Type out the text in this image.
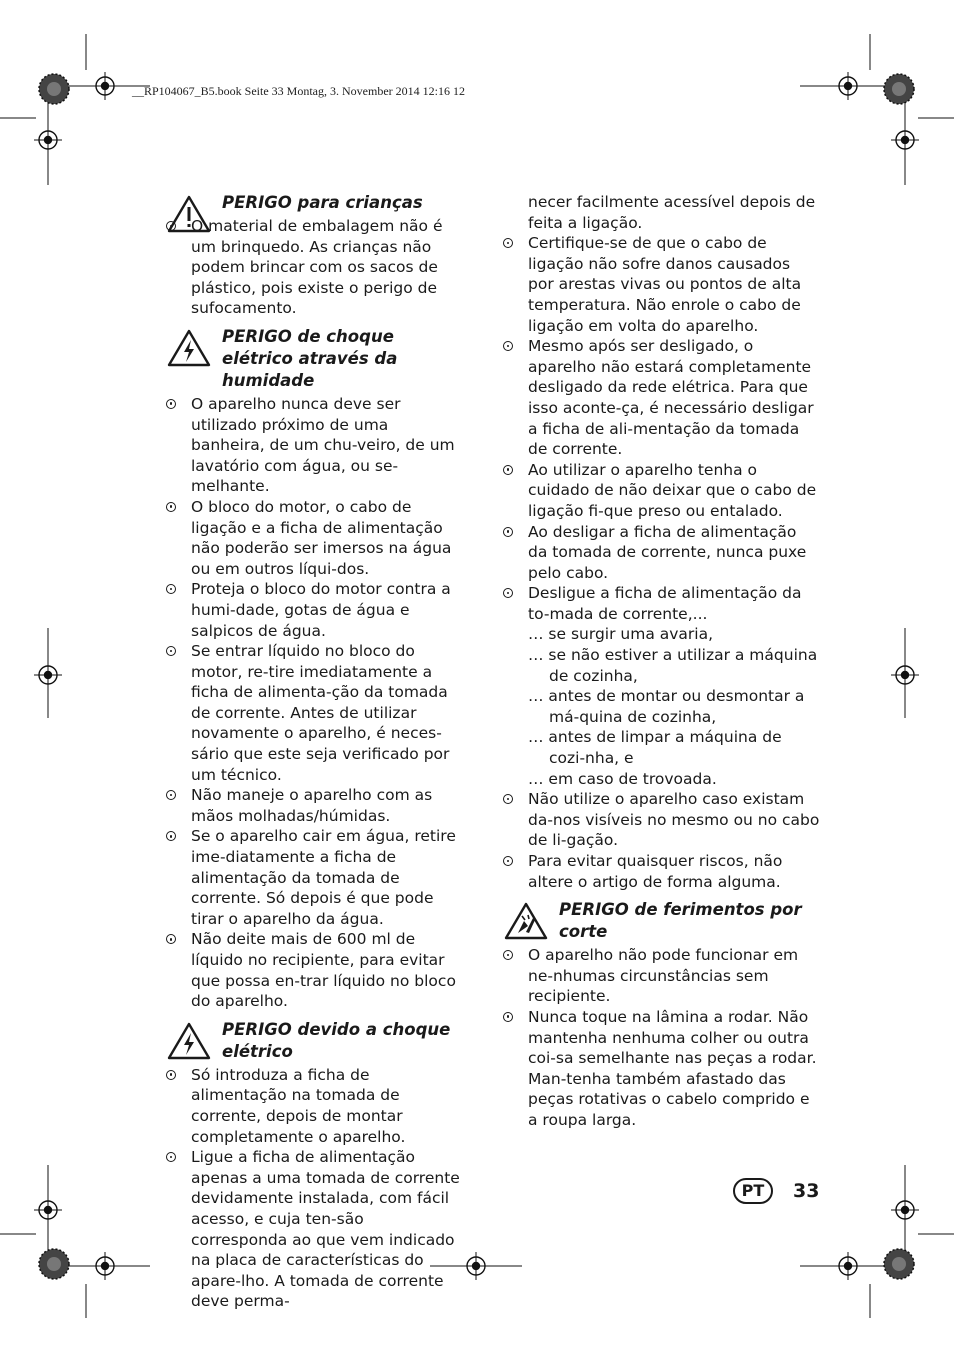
__RP104067_B5.book Seite 33 Montag, 3. November 2014 12:16 12
PERIGO para crianças
O material de embalagem não é um brinquedo. As crianças não podem brincar com os sacos de plástico, pois existe o perigo de sufocamento.
PERIGO de choque elétrico através da humidade
O aparelho nunca deve ser utilizado próximo de uma banheira, de um chu-veiro, de um lavatório com água, ou se-melhante.
O bloco do motor, o cabo de ligação e a ficha de alimentação não poderão ser imersos na água ou em outros líqui-dos.
Proteja o bloco do motor contra a humi-dade, gotas de água e salpicos de água.
Se entrar líquido no bloco do motor, re-tire imediatamente a ficha de alimenta-ção da tomada de corrente. Antes de utilizar novamente o aparelho, é neces-sário que este seja verificado por um técnico.
Não maneje o aparelho com as mãos molhadas/húmidas.
Se o aparelho cair em água, retire ime-diatamente a ficha de alimentação da tomada de corrente. Só depois é que pode tirar o aparelho da água.
Não deite mais de 600 ml de líquido no recipiente, para evitar que possa en-trar líquido no bloco do aparelho.
PERIGO devido a choque elétrico
Só introduza a ficha de alimentação na tomada de corrente, depois de montar completamente o aparelho.
Ligue a ficha de alimentação apenas a uma tomada de corrente devidamente instalada, com fácil acesso, e cuja ten-são corresponda ao que vem indicado na placa de características do apare-lho. A tomada de corrente deve perma-
necer facilmente acessível depois de feita a ligação.
Certifique-se de que o cabo de ligação não sofre danos causados por arestas vivas ou pontos de alta temperatura. Não enrole o cabo de ligação em volta do aparelho.
Mesmo após ser desligado, o aparelho não estará completamente desligado da rede elétrica. Para que isso aconte-ça, é necessário desligar a ficha de ali-mentação da tomada de corrente.
Ao utilizar o aparelho tenha o cuidado de não deixar que o cabo de ligação fi-que preso ou entalado.
Ao desligar a ficha de alimentação da tomada de corrente, nunca puxe pelo cabo.
Desligue a ficha de alimentação da to-mada de corrente,...
… se surgir uma avaria,
… se não estiver a utilizar a máquina de cozinha,
… antes de montar ou desmontar a má-quina de cozinha,
… antes de limpar a máquina de cozi-nha, e
… em caso de trovoada.
Não utilize o aparelho caso existam da-nos visíveis no mesmo ou no cabo de li-gação.
Para evitar quaisquer riscos, não altere o artigo de forma alguma.
PERIGO de ferimentos por corte
O aparelho não pode funcionar em ne-nhumas circunstâncias sem recipiente.
Nunca toque na lâmina a rodar. Não mantenha nenhuma colher ou outra coi-sa semelhante nas peças a rodar. Man-tenha também afastado das peças rotativas o cabelo comprido e a roupa larga.
PT	33
